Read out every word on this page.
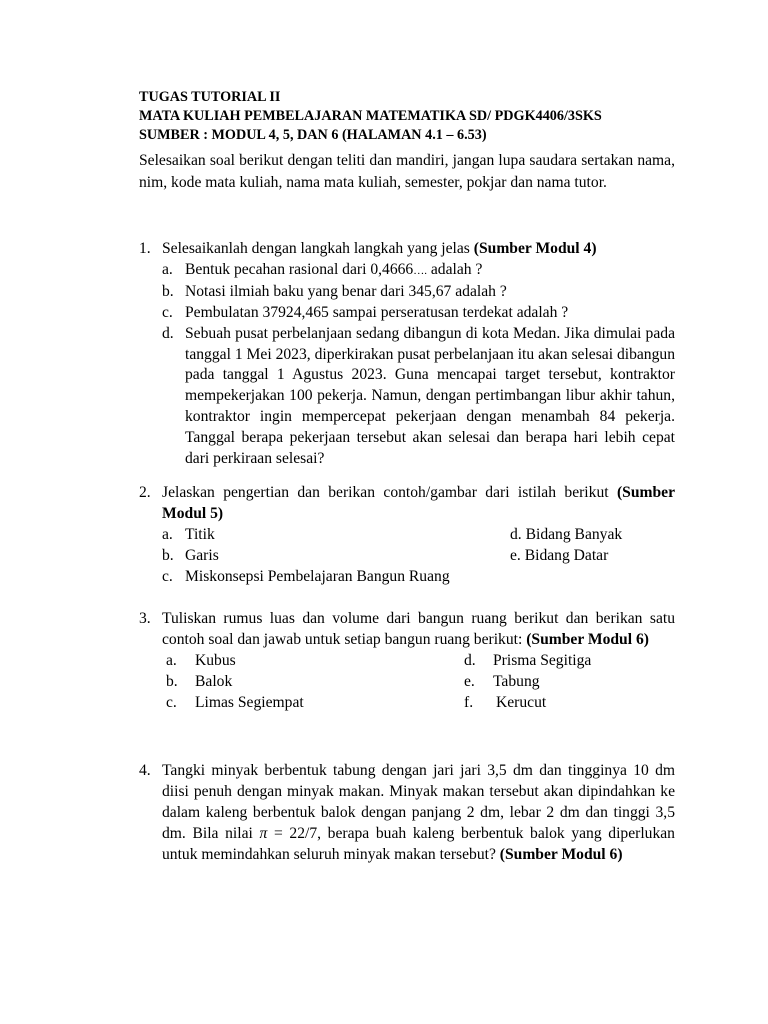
TUGAS TUTORIAL II
MATA KULIAH PEMBELAJARAN MATEMATIKA SD/ PDGK4406/3SKS
SUMBER : MODUL 4, 5, DAN 6 (HALAMAN 4.1 – 6.53)
Selesaikan soal berikut dengan teliti dan mandiri, jangan lupa saudara sertakan nama, nim, kode mata kuliah, nama mata kuliah, semester, pokjar dan nama tutor.
1. Selesaikanlah dengan langkah langkah yang jelas (Sumber Modul 4)
a. Bentuk pecahan rasional dari 0,4666…. adalah ?
b. Notasi ilmiah baku yang benar dari 345,67 adalah ?
c. Pembulatan 37924,465 sampai perseratusan terdekat adalah ?
d. Sebuah pusat perbelanjaan sedang dibangun di kota Medan. Jika dimulai pada tanggal 1 Mei 2023, diperkirakan pusat perbelanjaan itu akan selesai dibangun pada tanggal 1 Agustus 2023. Guna mencapai target tersebut, kontraktor mempekerjakan 100 pekerja. Namun, dengan pertimbangan libur akhir tahun, kontraktor ingin mempercepat pekerjaan dengan menambah 84 pekerja. Tanggal berapa pekerjaan tersebut akan selesai dan berapa hari lebih cepat dari perkiraan selesai?
2. Jelaskan pengertian dan berikan contoh/gambar dari istilah berikut (Sumber Modul 5)
a. Titik	d. Bidang Banyak
b. Garis	e. Bidang Datar
c. Miskonsepsi Pembelajaran Bangun Ruang
3. Tuliskan rumus luas dan volume dari bangun ruang berikut dan berikan satu contoh soal dan jawab untuk setiap bangun ruang berikut: (Sumber Modul 6)
a. Kubus	d. Prisma Segitiga
b. Balok	e. Tabung
c. Limas Segiempat	f. Kerucut
4. Tangki minyak berbentuk tabung dengan jari jari 3,5 dm dan tingginya 10 dm diisi penuh dengan minyak makan. Minyak makan tersebut akan dipindahkan ke dalam kaleng berbentuk balok dengan panjang 2 dm, lebar 2 dm dan tinggi 3,5 dm. Bila nilai π = 22/7, berapa buah kaleng berbentuk balok yang diperlukan untuk memindahkan seluruh minyak makan tersebut? (Sumber Modul 6)
